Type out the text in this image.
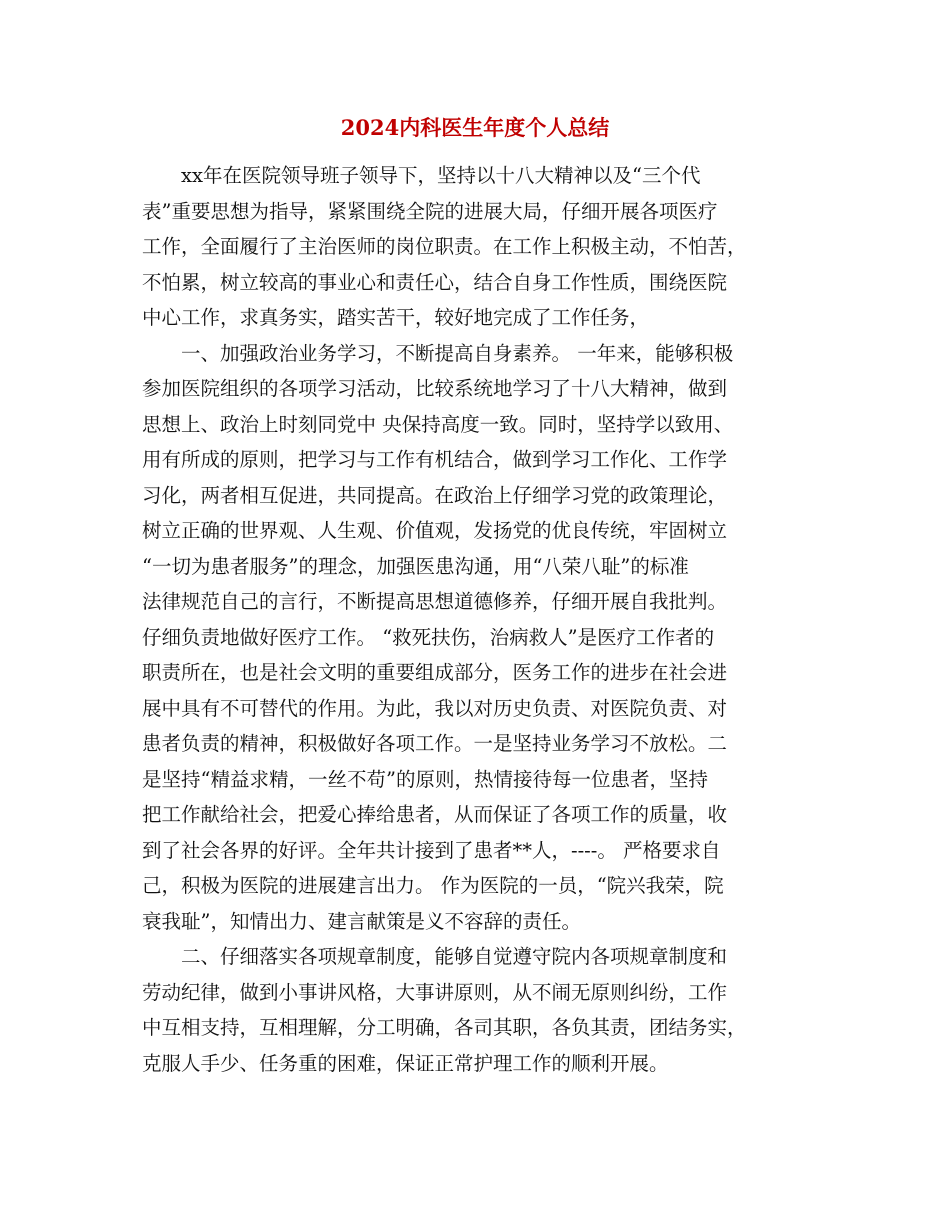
2024内科医生年度个人总结
xx年在医院领导班子领导下，坚持以十八大精神以及“三个代
表”重要思想为指导，紧紧围绕全院的进展大局，仔细开展各项医疗
工作，全面履行了主治医师的岗位职责。在工作上积极主动，不怕苦，
不怕累，树立较高的事业心和责任心，结合自身工作性质，围绕医院
中心工作，求真务实，踏实苦干，较好地完成了工作任务，
一、加强政治业务学习，不断提高自身素养。 一年来，能够积极
参加医院组织的各项学习活动，比较系统地学习了十八大精神，做到
思想上、政治上时刻同党中 央保持高度一致。同时，坚持学以致用、
用有所成的原则，把学习与工作有机结合，做到学习工作化、工作学
习化，两者相互促进，共同提高。在政治上仔细学习党的政策理论，
树立正确的世界观、人生观、价值观，发扬党的优良传统，牢固树立
“一切为患者服务”的理念，加强医患沟通，用“八荣八耻”的标准
法律规范自己的言行，不断提高思想道德修养，仔细开展自我批判。
仔细负责地做好医疗工作。 “救死扶伤，治病救人”是医疗工作者的
职责所在，也是社会文明的重要组成部分，医务工作的进步在社会进
展中具有不可替代的作用。为此，我以对历史负责、对医院负责、对
患者负责的精神，积极做好各项工作。一是坚持业务学习不放松。二
是坚持“精益求精，一丝不苟”的原则，热情接待每一位患者，坚持
把工作献给社会，把爱心捧给患者，从而保证了各项工作的质量，收
到了社会各界的好评。全年共计接到了患者**人，----。 严格要求自
己，积极为医院的进展建言出力。 作为医院的一员，“院兴我荣，院
衰我耻”，知情出力、建言献策是义不容辞的责任。
二、仔细落实各项规章制度，能够自觉遵守院内各项规章制度和
劳动纪律，做到小事讲风格，大事讲原则，从不闹无原则纠纷，工作
中互相支持，互相理解，分工明确，各司其职，各负其责，团结务实，
克服人手少、任务重的困难，保证正常护理工作的顺利开展。
